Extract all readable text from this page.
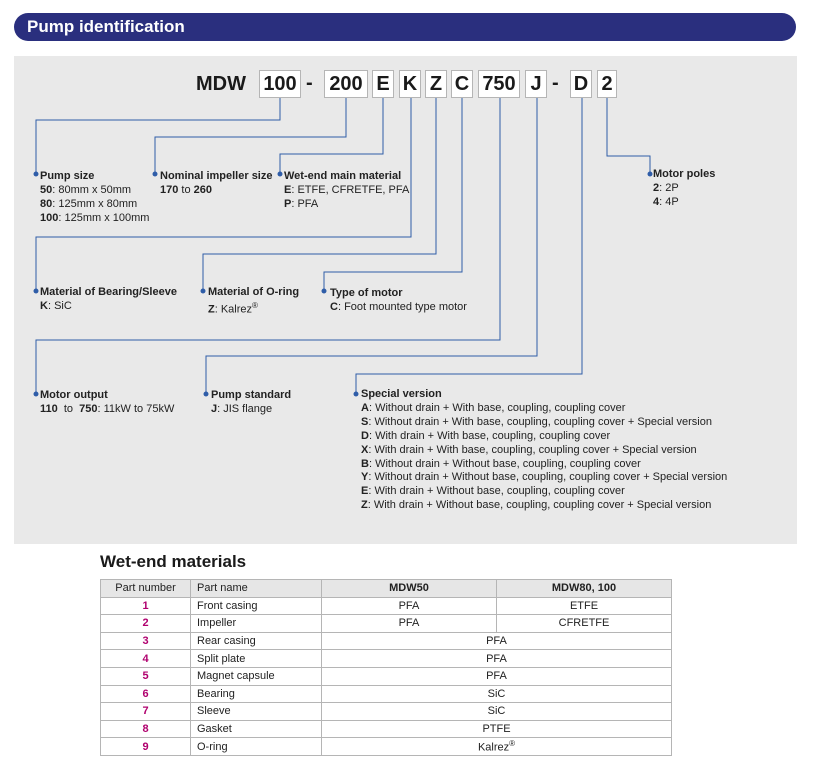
Pump identification
MDW 100 - 200 E K Z C 750 J - D 2
Pump size
50: 80mm x 50mm
80: 125mm x 80mm
100: 125mm x 100mm
Nominal impeller size
170 to 260
Wet-end main material
E: ETFE, CFRETFE, PFA
P: PFA
Motor poles
2: 2P
4: 4P
Material of Bearing/Sleeve
K: SiC
Material of O-ring
Z: Kalrez®
Type of motor
C: Foot mounted type motor
Motor output
110  to  750: 11kW to 75kW
Pump standard
J: JIS flange
Special version
A: Without drain + With base, coupling, coupling cover
S: Without drain + With base, coupling, coupling cover + Special version
D: With drain + With base, coupling, coupling cover
X: With drain + With base, coupling, coupling cover + Special version
B: Without drain + Without base, coupling, coupling cover
Y: Without drain + Without base, coupling, coupling cover + Special version
E: With drain + Without base, coupling, coupling cover
Z: With drain + Without base, coupling, coupling cover + Special version
Wet-end materials
Part number	Part name	MDW50	MDW80, 100
1	Front casing	PFA	ETFE
2	Impeller	PFA	CFRETFE
3	Rear casing	PFA	
4	Split plate	PFA	
5	Magnet capsule	PFA	
6	Bearing	SiC	
7	Sleeve	SiC	
8	Gasket	PTFE	
9	O-ring	Kalrez®
